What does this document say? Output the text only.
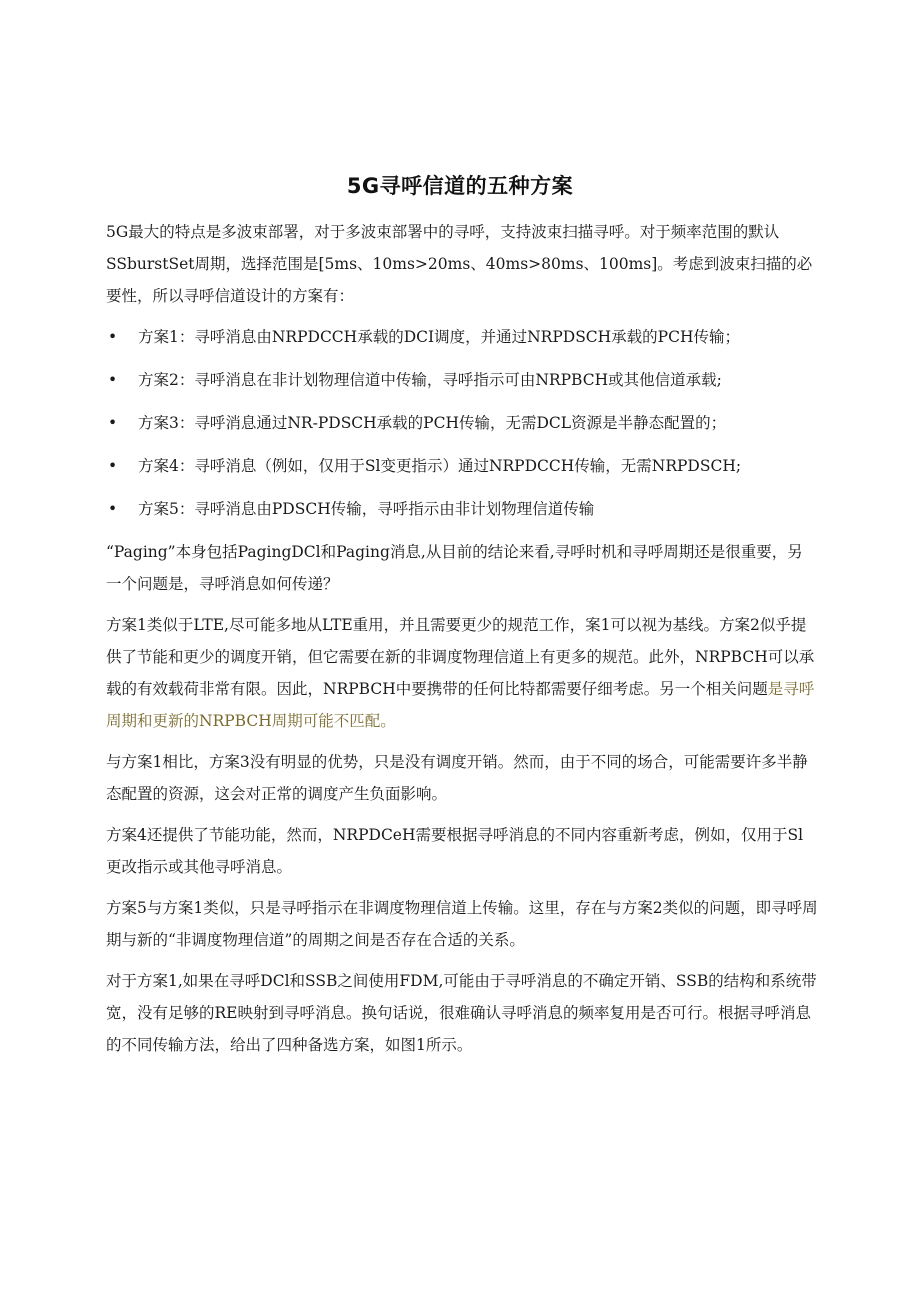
5G寻呼信道的五种方案

5G最大的特点是多波束部署，对于多波束部署中的寻呼，支持波束扫描寻呼。对于频率范围的默认SSburstSet周期，选择范围是[5ms、10ms>20ms、40ms>80ms、100ms]。考虑到波束扫描的必要性，所以寻呼信道设计的方案有：

• 方案1：寻呼消息由NRPDCCH承载的DCI调度，并通过NRPDSCH承载的PCH传输；
• 方案2：寻呼消息在非计划物理信道中传输，寻呼指示可由NRPBCH或其他信道承载;
• 方案3：寻呼消息通过NR-PDSCH承载的PCH传输，无需DCL资源是半静态配置的；
• 方案4：寻呼消息（例如，仅用于Sl变更指示）通过NRPDCCH传输，无需NRPDSCH;
• 方案5：寻呼消息由PDSCH传输，寻呼指示由非计划物理信道传输

“Paging”本身包括PagingDCl和Paging消息,从目前的结论来看,寻呼时机和寻呼周期还是很重要，另一个问题是，寻呼消息如何传递？

方案1类似于LTE,尽可能多地从LTE重用，并且需要更少的规范工作，案1可以视为基线。方案2似乎提供了节能和更少的调度开销，但它需要在新的非调度物理信道上有更多的规范。此外，NRPBCH可以承载的有效载荷非常有限。因此，NRPBCH中要携带的任何比特都需要仔细考虑。另一个相关问题是寻呼周期和更新的NRPBCH周期可能不匹配。

与方案1相比，方案3没有明显的优势，只是没有调度开销。然而，由于不同的场合，可能需要许多半静态配置的资源，这会对正常的调度产生负面影响。

方案4还提供了节能功能，然而，NRPDCeH需要根据寻呼消息的不同内容重新考虑，例如，仅用于Sl更改指示或其他寻呼消息。

方案5与方案1类似，只是寻呼指示在非调度物理信道上传输。这里，存在与方案2类似的问题，即寻呼周期与新的“非调度物理信道”的周期之间是否存在合适的关系。

对于方案1,如果在寻呼DCl和SSB之间使用FDM,可能由于寻呼消息的不确定开销、SSB的结构和系统带宽，没有足够的RE映射到寻呼消息。换句话说，很难确认寻呼消息的频率复用是否可行。根据寻呼消息的不同传输方法，给出了四种备选方案，如图1所示。
